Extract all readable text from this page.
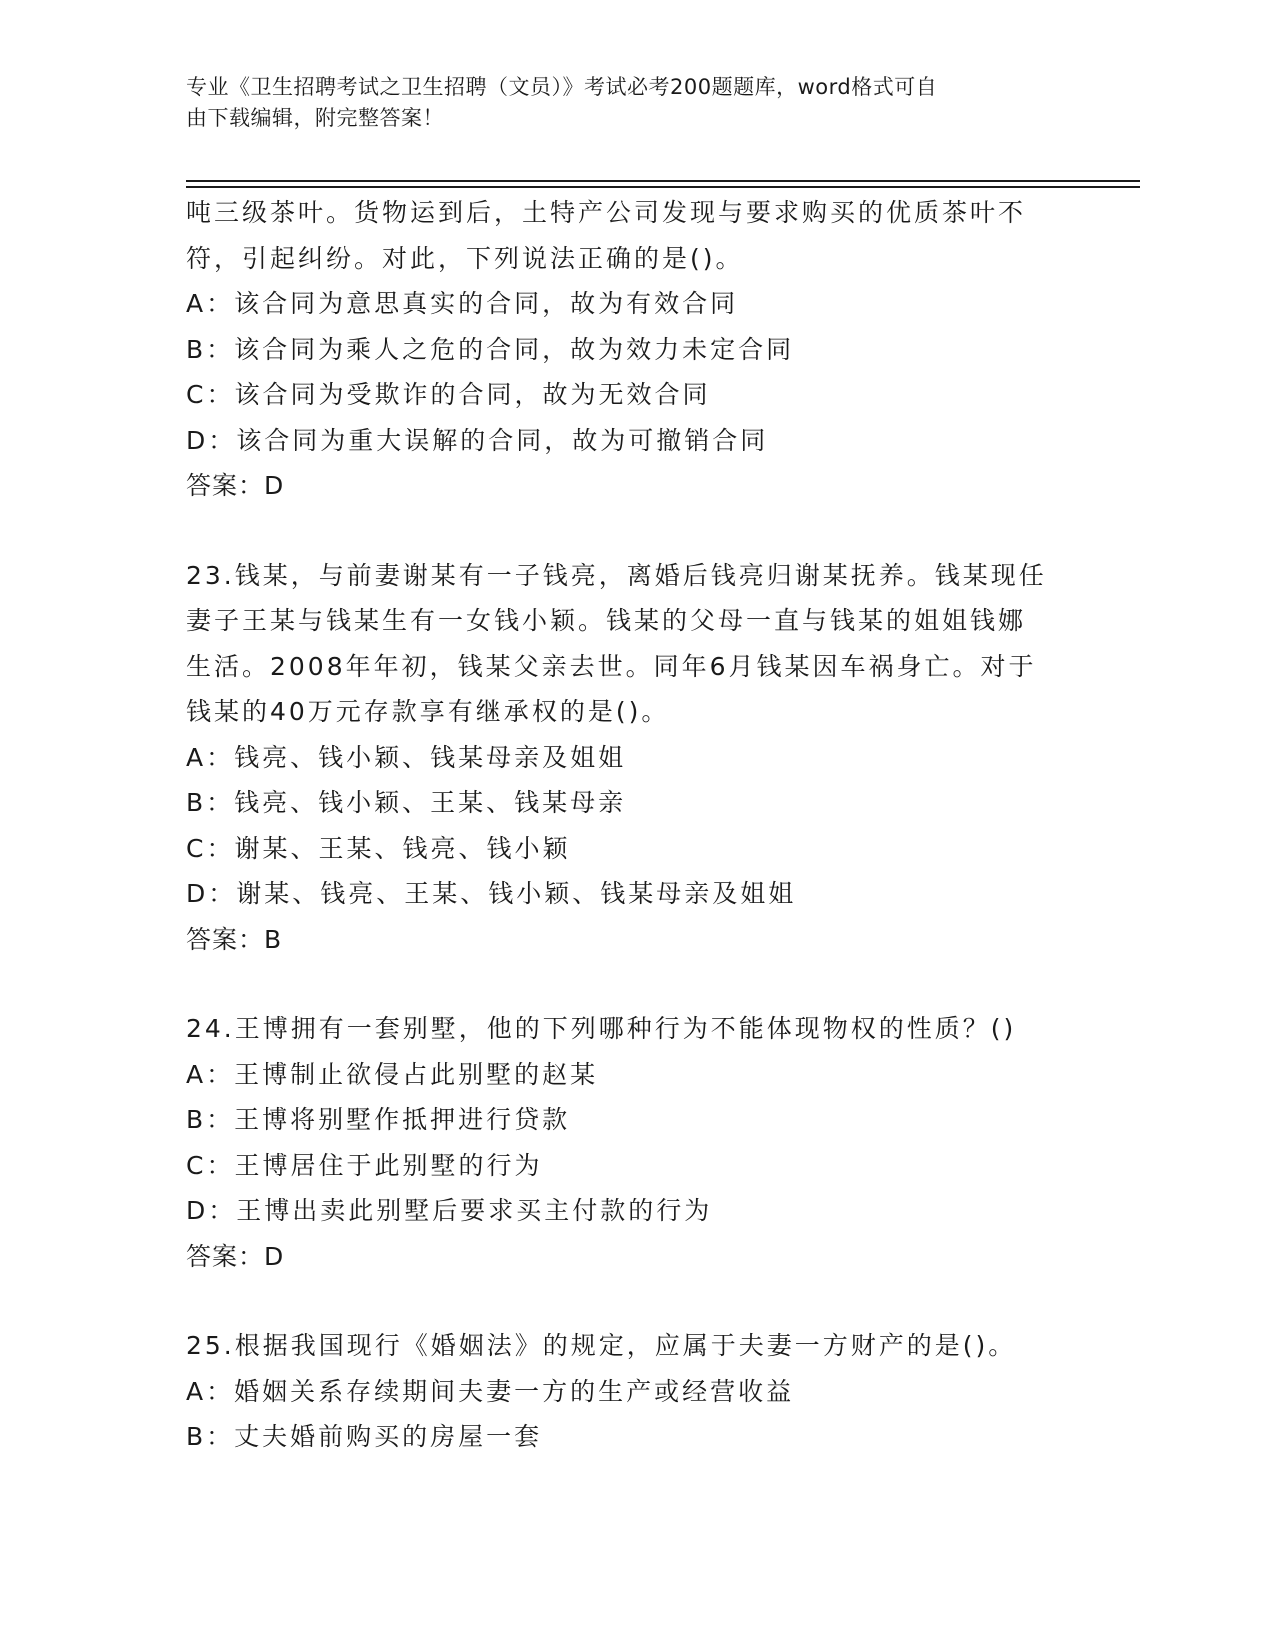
专业《卫生招聘考试之卫生招聘（文员）》考试必考200题题库，word格式可自
由下载编辑，附完整答案！
吨三级茶叶。货物运到后，土特产公司发现与要求购买的优质茶叶不
符，引起纠纷。对此，下列说法正确的是()。
A：该合同为意思真实的合同，故为有效合同
B：该合同为乘人之危的合同，故为效力未定合同
C：该合同为受欺诈的合同，故为无效合同
D：该合同为重大误解的合同，故为可撤销合同
答案：D
23.钱某，与前妻谢某有一子钱亮，离婚后钱亮归谢某抚养。钱某现任
妻子王某与钱某生有一女钱小颖。钱某的父母一直与钱某的姐姐钱娜
生活。2008年年初，钱某父亲去世。同年6月钱某因车祸身亡。对于
钱某的40万元存款享有继承权的是()。
A：钱亮、钱小颖、钱某母亲及姐姐
B：钱亮、钱小颖、王某、钱某母亲
C：谢某、王某、钱亮、钱小颖
D：谢某、钱亮、王某、钱小颖、钱某母亲及姐姐
答案：B
24.王博拥有一套别墅，他的下列哪种行为不能体现物权的性质？()
A：王博制止欲侵占此别墅的赵某
B：王博将别墅作抵押进行贷款
C：王博居住于此别墅的行为
D：王博出卖此别墅后要求买主付款的行为
答案：D
25.根据我国现行《婚姻法》的规定，应属于夫妻一方财产的是()。
A：婚姻关系存续期间夫妻一方的生产或经营收益
B：丈夫婚前购买的房屋一套
